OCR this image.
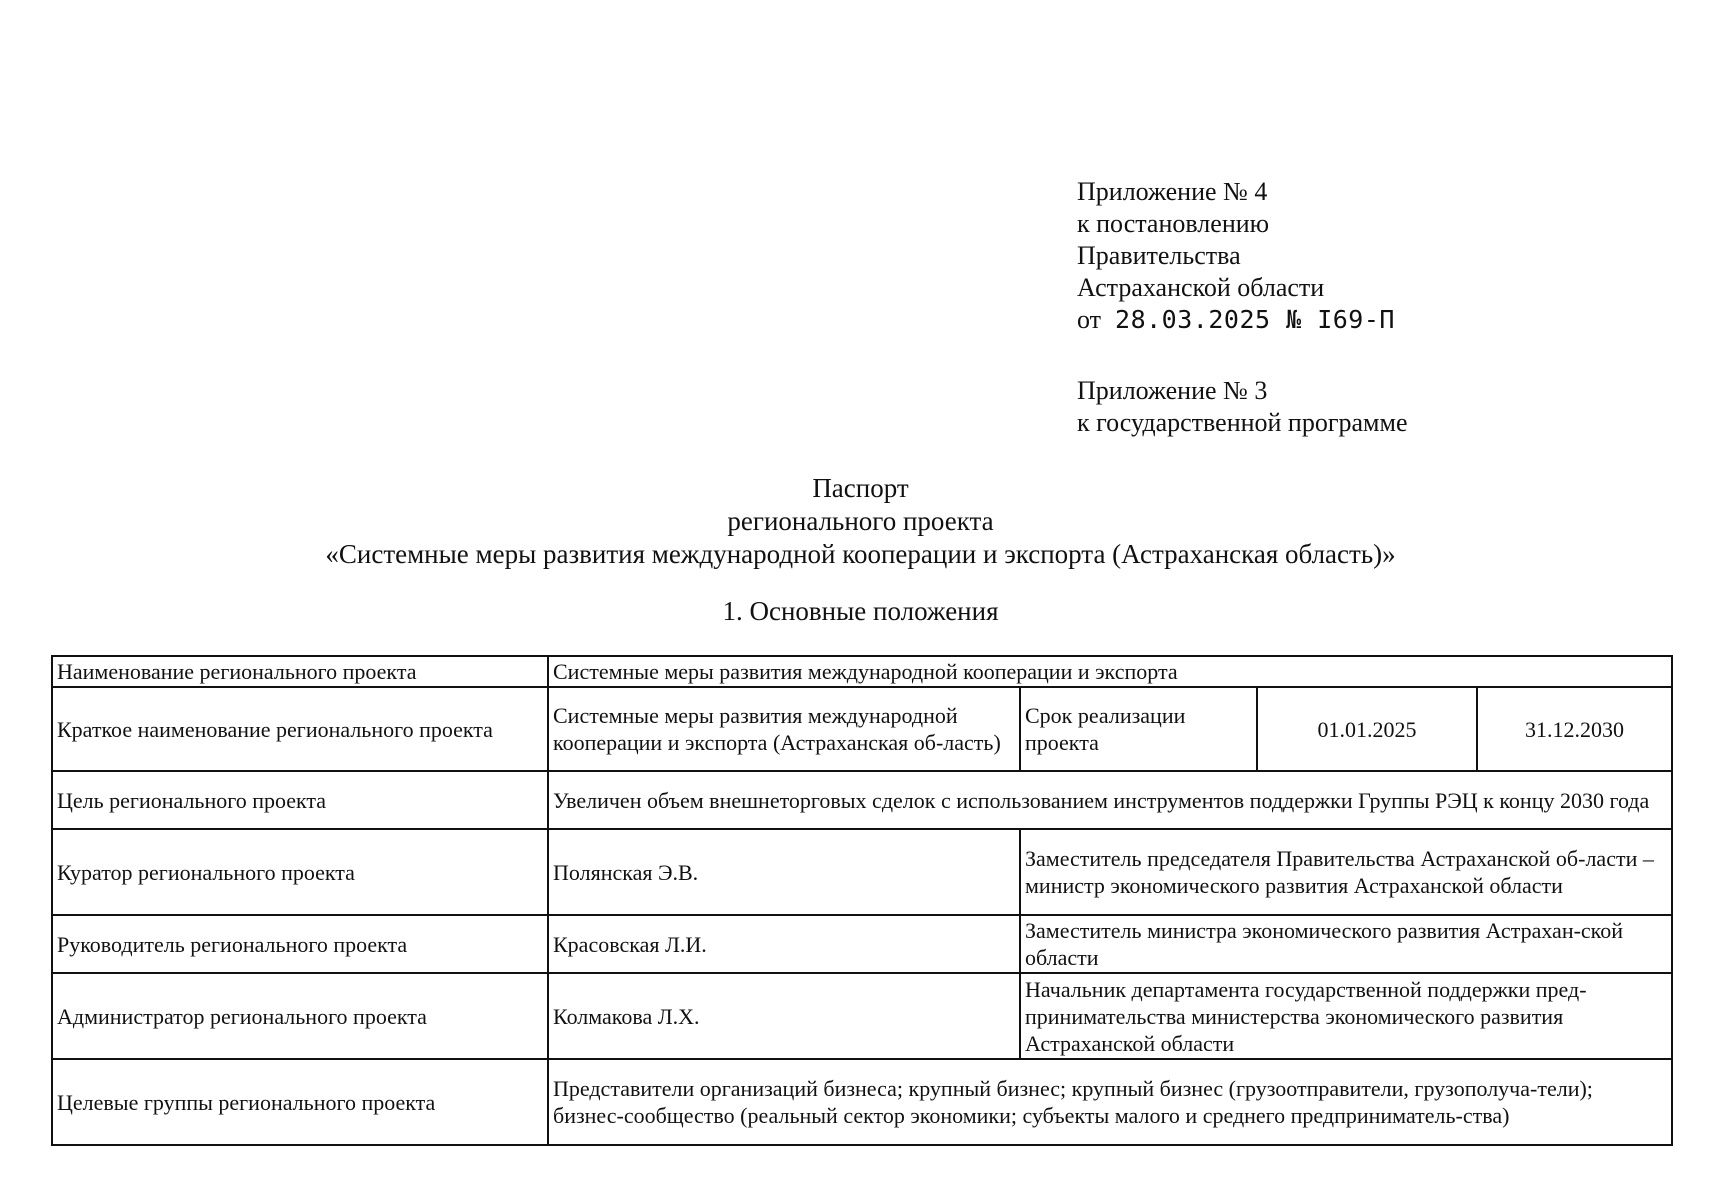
Приложение № 4
к постановлению
Правительства
Астраханской области
от 28.03.2025 № I69-П
Приложение № 3
к государственной программе
Паспорт
регионального проекта
«Системные меры развития международной кооперации и экспорта (Астраханская область)»
1. Основные положения
Наименование регионального проекта	Системные меры развития международной кооперации и экспорта			
Краткое наименование регионального проекта	Системные меры развития международной кооперации и экспорта (Астраханская об-ласть)	Срок реализации проекта	01.01.2025	31.12.2030
Цель регионального проекта	Увеличен объем внешнеторговых сделок с использованием инструментов поддержки Группы РЭЦ к концу 2030 года			
Куратор регионального проекта	Полянская Э.В.	Заместитель председателя Правительства Астраханской об-ласти – министр экономического развития Астраханской области		
Руководитель регионального проекта	Красовская Л.И.	Заместитель министра экономического развития Астрахан-ской области		
Администратор регионального проекта	Колмакова Л.Х.	Начальник департамента государственной поддержки пред-принимательства министерства экономического развития Астраханской области		
Целевые группы регионального проекта	Представители организаций бизнеса; крупный бизнес; крупный бизнес (грузоотправители, грузополуча-тели); бизнес-сообщество (реальный сектор экономики; субъекты малого и среднего предприниматель-ства)			
